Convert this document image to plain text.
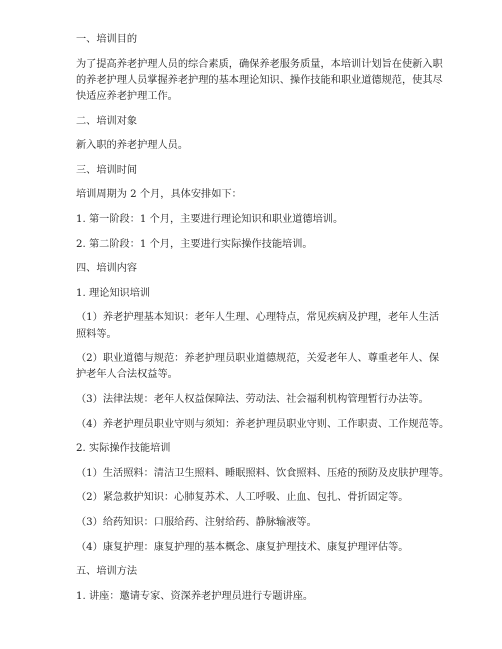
一、培训目的

为了提高养老护理人员的综合素质，确保养老服务质量，本培训计划旨在使新入职

的养老护理人员掌握养老护理的基本理论知识、操作技能和职业道德规范，使其尽

快适应养老护理工作。

二、培训对象

新入职的养老护理人员。

三、培训时间

培训周期为 2 个月，具体安排如下：

1. 第一阶段：1 个月，主要进行理论知识和职业道德培训。

2. 第二阶段：1 个月，主要进行实际操作技能培训。

四、培训内容

1. 理论知识培训

（1）养老护理基本知识：老年人生理、心理特点，常见疾病及护理，老年人生活

照料等。

（2）职业道德与规范：养老护理员职业道德规范，关爱老年人、尊重老年人、保

护老年人合法权益等。

（3）法律法规：老年人权益保障法、劳动法、社会福利机构管理暂行办法等。

（4）养老护理员职业守则与须知：养老护理员职业守则、工作职责、工作规范等。

2. 实际操作技能培训

（1）生活照料：清洁卫生照料、睡眠照料、饮食照料、压疮的预防及皮肤护理等。

（2）紧急救护知识：心肺复苏术、人工呼吸、止血、包扎、骨折固定等。

（3）给药知识：口服给药、注射给药、静脉输液等。

（4）康复护理：康复护理的基本概念、康复护理技术、康复护理评估等。

五、培训方法

1. 讲座：邀请专家、资深养老护理员进行专题讲座。
